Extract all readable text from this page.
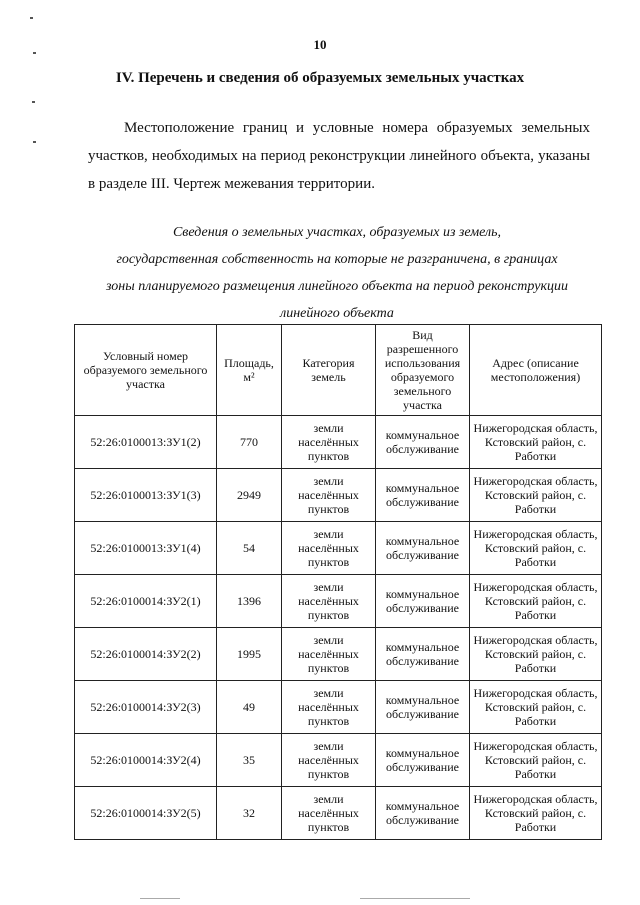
10
IV. Перечень и сведения об образуемых земельных участках

Местоположение границ и условные номера образуемых земельных участков, необходимых на период реконструкции линейного объекта, указаны в разделе III. Чертеж межевания территории.

Сведения о земельных участках, образуемых из земель,
государственная собственность на которые не разграничена, в границах
зоны планируемого размещения линейного объекта на период реконструкции
линейного объекта
Условный номер образуемого земельного участка	Площадь, м²	Категория земель	Вид разрешенного использования образуемого земельного участка	Адрес (описание местоположения)
52:26:0100013:ЗУ1(2)	770	земли населённых пунктов	коммунальное обслуживание	Нижегородская область, Кстовский район, с. Работки
52:26:0100013:ЗУ1(3)	2949	земли населённых пунктов	коммунальное обслуживание	Нижегородская область, Кстовский район, с. Работки
52:26:0100013:ЗУ1(4)	54	земли населённых пунктов	коммунальное обслуживание	Нижегородская область, Кстовский район, с. Работки
52:26:0100014:ЗУ2(1)	1396	земли населённых пунктов	коммунальное обслуживание	Нижегородская область, Кстовский район, с. Работки
52:26:0100014:ЗУ2(2)	1995	земли населённых пунктов	коммунальное обслуживание	Нижегородская область, Кстовский район, с. Работки
52:26:0100014:ЗУ2(3)	49	земли населённых пунктов	коммунальное обслуживание	Нижегородская область, Кстовский район, с. Работки
52:26:0100014:ЗУ2(4)	35	земли населённых пунктов	коммунальное обслуживание	Нижегородская область, Кстовский район, с. Работки
52:26:0100014:ЗУ2(5)	32	земли населённых пунктов	коммунальное обслуживание	Нижегородская область, Кстовский район, с. Работки
